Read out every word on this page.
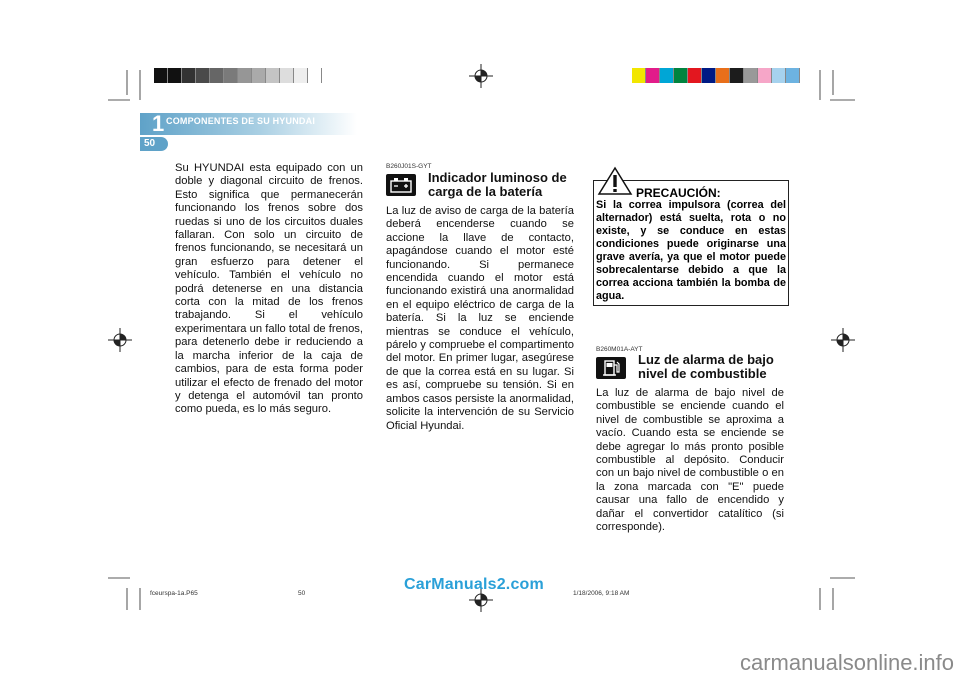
1 COMPONENTES DE SU HYUNDAI
50
Su HYUNDAI esta equipado con un doble y diagonal circuito de frenos. Esto significa que permanecerán funcionando los frenos sobre dos ruedas si uno de los circuitos duales fallaran. Con solo un circuito de frenos funcionando, se necesitará un gran esfuerzo para detener el vehículo. También el vehículo no podrá detenerse en una distancia corta con la mitad de los frenos trabajando. Si el vehículo experimentara un fallo total de frenos, para detenerlo debe ir reduciendo a la marcha inferior de la caja de cambios, para de esta forma poder utilizar el efecto de frenado del motor y detenga el automóvil tan pronto como pueda, es lo más seguro.
B260J01S-GYT
Indicador luminoso de
carga de la batería
La luz de aviso de carga de la batería deberá encenderse cuando se accione la llave de contacto, apagándose cuando el motor esté funcionando. Si permanece encendida cuando el motor está funcionando existirá una anormalidad en el equipo eléctrico de carga de la batería. Si la luz se enciende mientras se conduce el vehículo, párelo y compruebe el compartimento del motor. En primer lugar, asegúrese de que la correa está en su lugar. Si es así, compruebe su tensión. Si en ambos casos persiste la anormalidad, solicite la intervención de su Servicio Oficial Hyundai.
PRECAUCIÓN:
Si la correa impulsora (correa del alternador) está suelta, rota o no existe, y se conduce en estas condiciones puede originarse una grave avería, ya que el motor puede sobrecalentarse debido a que la correa acciona también la bomba de agua.
B260M01A-AYT
Luz de alarma de bajo
nivel de combustible
La luz de alarma de bajo nivel de combustible se enciende cuando el nivel de combustible se aproxima a vacío. Cuando esta se enciende se debe agregar lo más pronto posible combustible al depósito. Conducir con un bajo nivel de combustible o en la zona marcada con "E" puede causar una fallo de encendido y dañar el convertidor catalítico (si corresponde).
fceurspa-1a.P65	50	1/18/2006, 9:18 AM
CarManuals2.com
carmanualsonline.info
